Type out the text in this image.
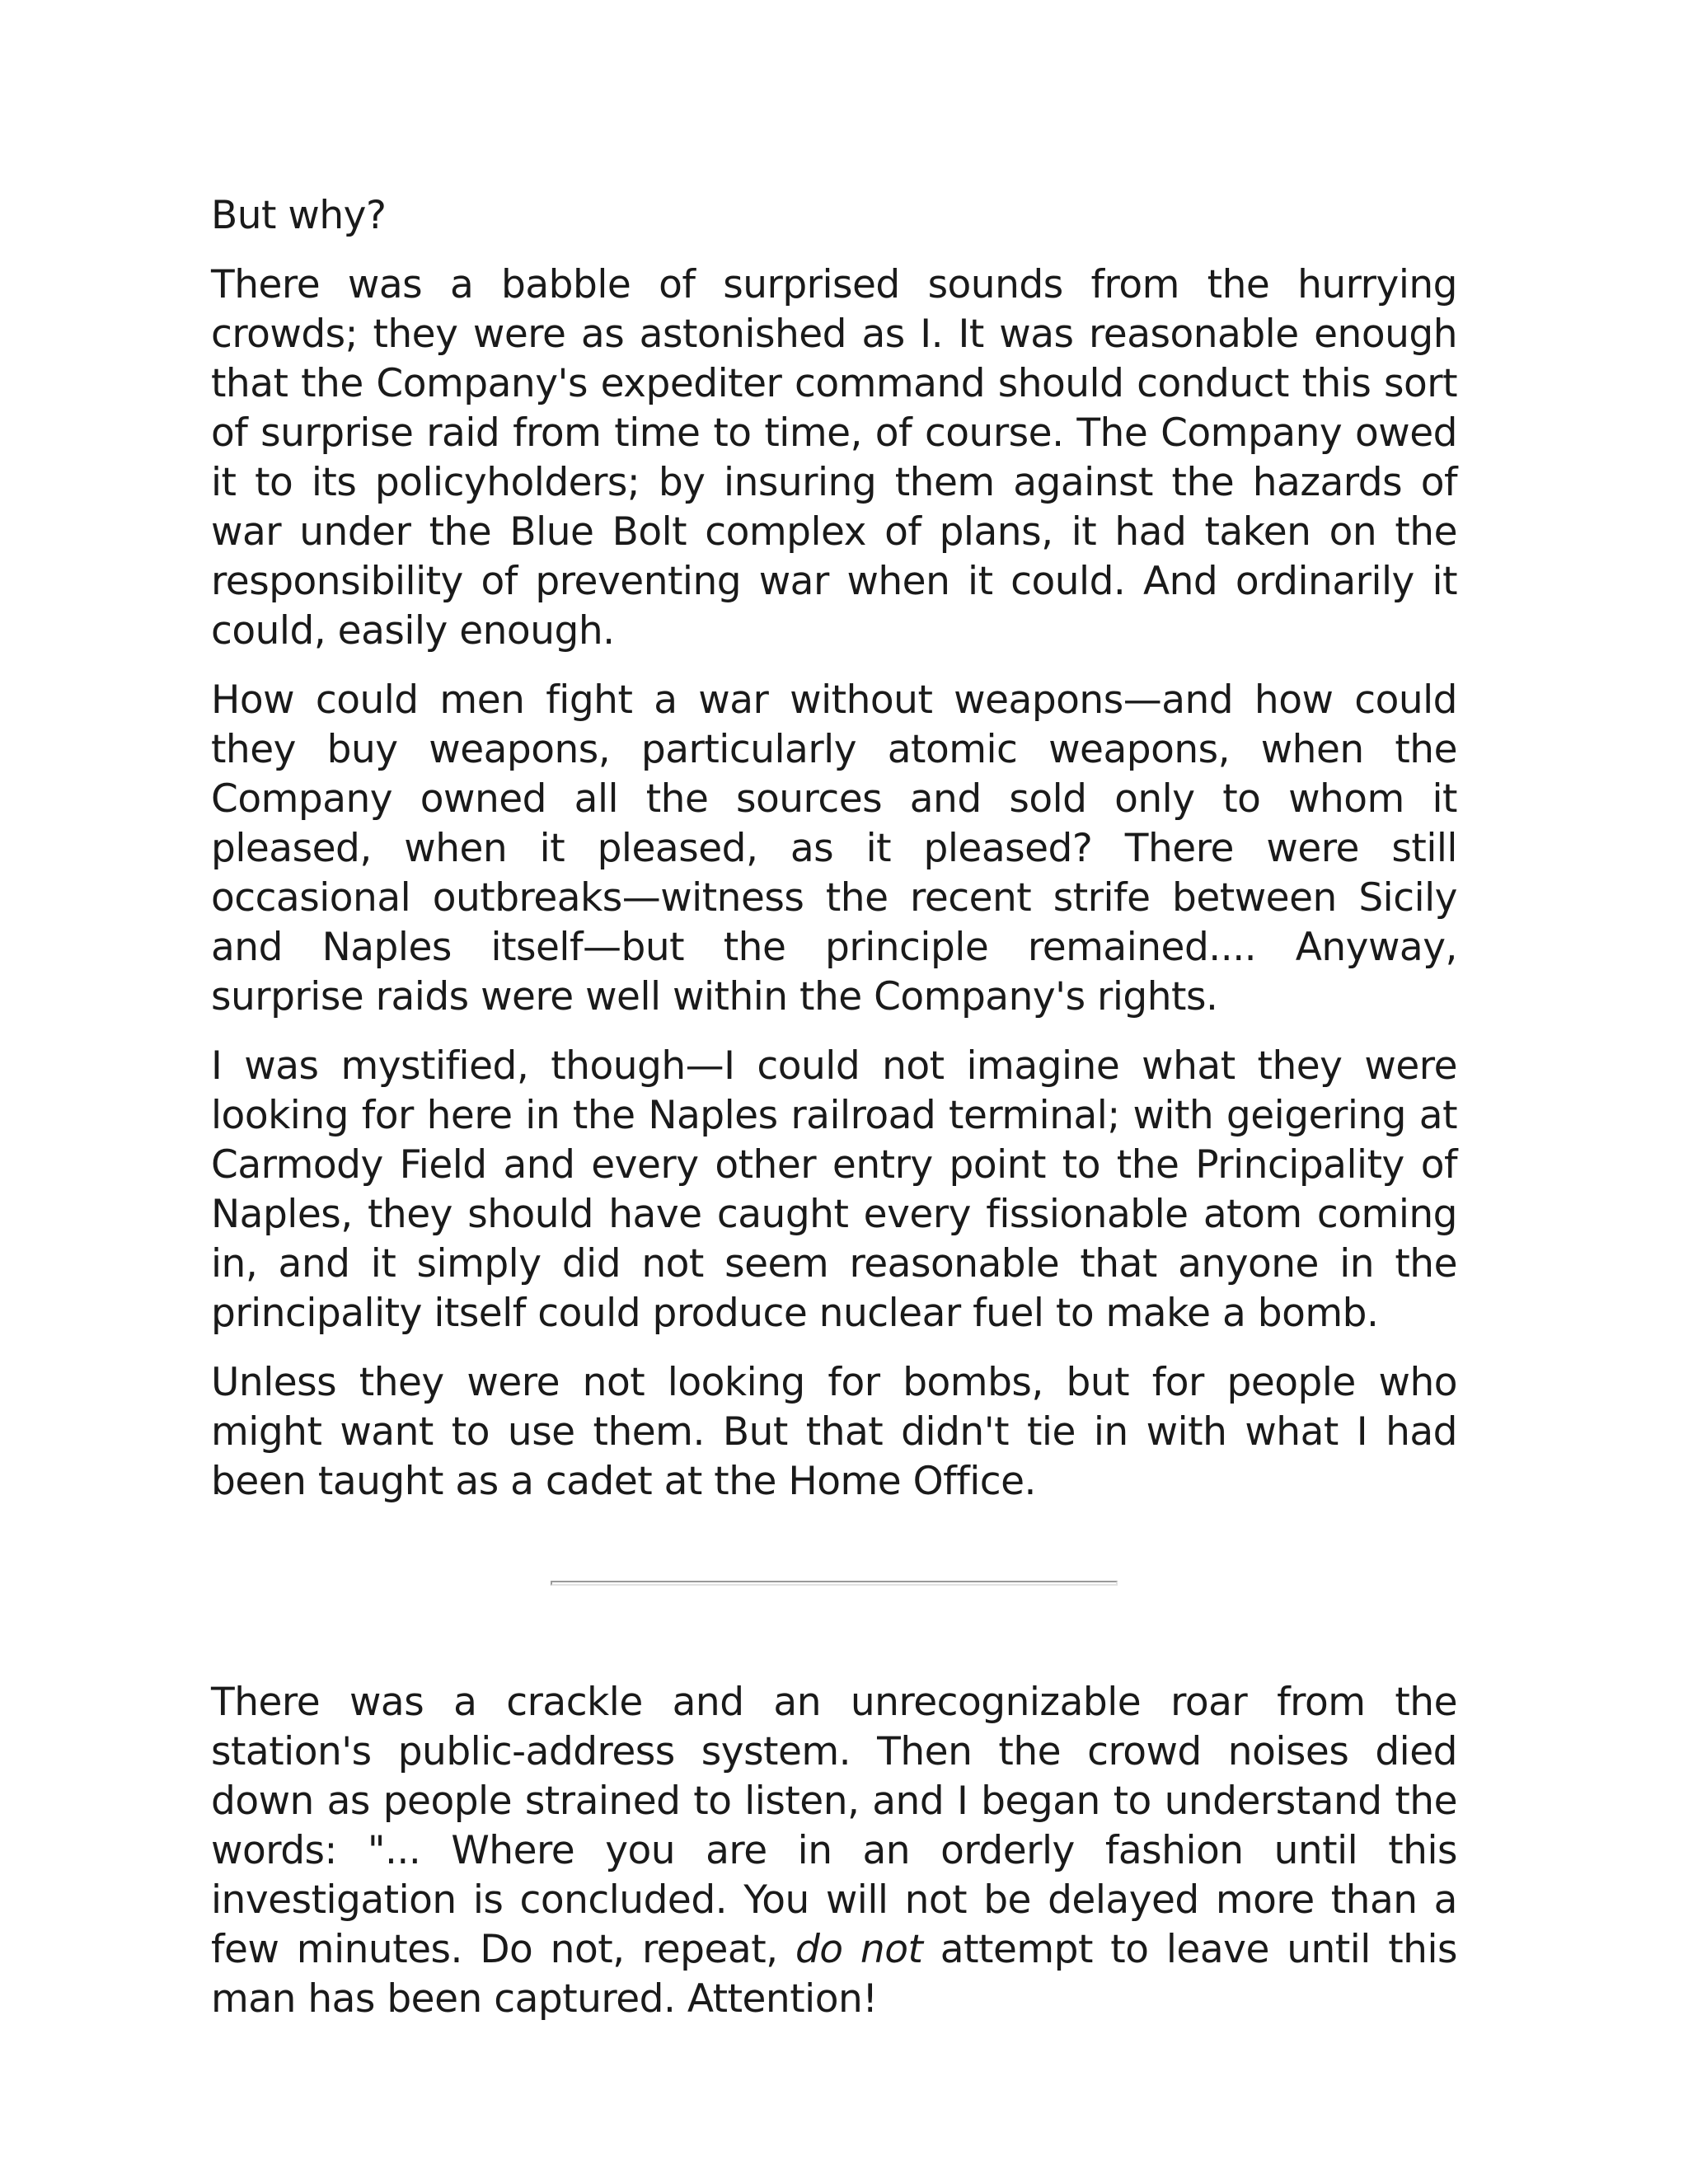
But why?

There was a babble of surprised sounds from the hurrying crowds; they were as astonished as I. It was reasonable enough that the Company's expediter command should conduct this sort of surprise raid from time to time, of course. The Company owed it to its policyholders; by insuring them against the hazards of war under the Blue Bolt complex of plans, it had taken on the responsibility of preventing war when it could. And ordinarily it could, easily enough.

How could men fight a war without weapons—and how could they buy weapons, particularly atomic weapons, when the Company owned all the sources and sold only to whom it pleased, when it pleased, as it pleased? There were still occasional outbreaks—witness the recent strife between Sicily and Naples itself—but the principle remained.... Anyway, surprise raids were well within the Company's rights.

I was mystified, though—I could not imagine what they were looking for here in the Naples railroad terminal; with geigering at Carmody Field and every other entry point to the Principality of Naples, they should have caught every fissionable atom coming in, and it simply did not seem reasonable that anyone in the principality itself could produce nuclear fuel to make a bomb.

Unless they were not looking for bombs, but for people who might want to use them. But that didn't tie in with what I had been taught as a cadet at the Home Office.

There was a crackle and an unrecognizable roar from the station's public-address system. Then the crowd noises died down as people strained to listen, and I began to understand the words: "... Where you are in an orderly fashion until this investigation is concluded. You will not be delayed more than a few minutes. Do not, repeat, do not attempt to leave until this man has been captured. Attention!
